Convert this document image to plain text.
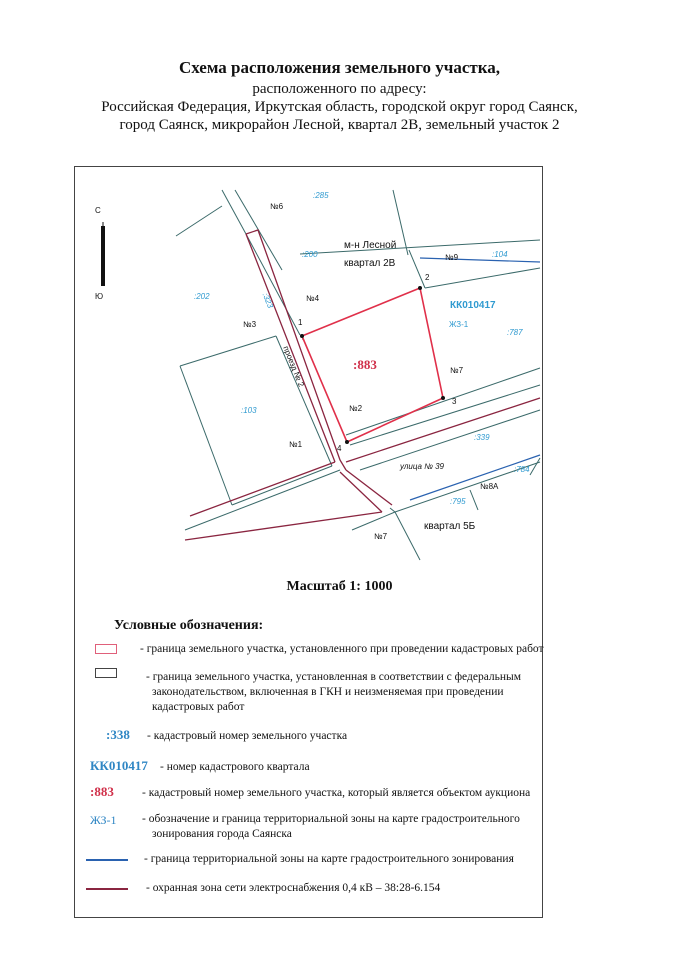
Схема расположения земельного участка,
расположенного по адресу:
Российская Федерация, Иркутская область, городской округ город Саянск,
город Саянск, микрорайон Лесной, квартал 2В, земельный участок 2
С
Ю
№6
:285
:200
№4
:323
м-н Лесной
квартал 2В
№9	:104
:202
№3
КК010417
ЖЗ-1
:787
проезд № 2	:883	№7
:103	№2
№1
:339
улица № 39	:784
:795
№8А
квартал 5Б
№7
1
2
3
4
Масштаб 1: 1000
Условные обозначения:
- граница земельного участка, установленного при проведении кадастровых работ
- граница земельного участка, установленная в соответствии с федеральным
законодательством, включенная в ГКН и неизменяемая при проведении
кадастровых работ
:338 - кадастровый номер земельного участка
КК010417 - номер кадастрового квартала
:883 - кадастровый номер земельного участка, который является объектом аукциона
ЖЗ-1 - обозначение и граница территориальной зоны на карте градостроительного
зонирования города Саянска
- граница территориальной зоны на карте градостроительного зонирования
- охранная зона сети электроснабжения 0,4 кВ – 38:28-6.154
